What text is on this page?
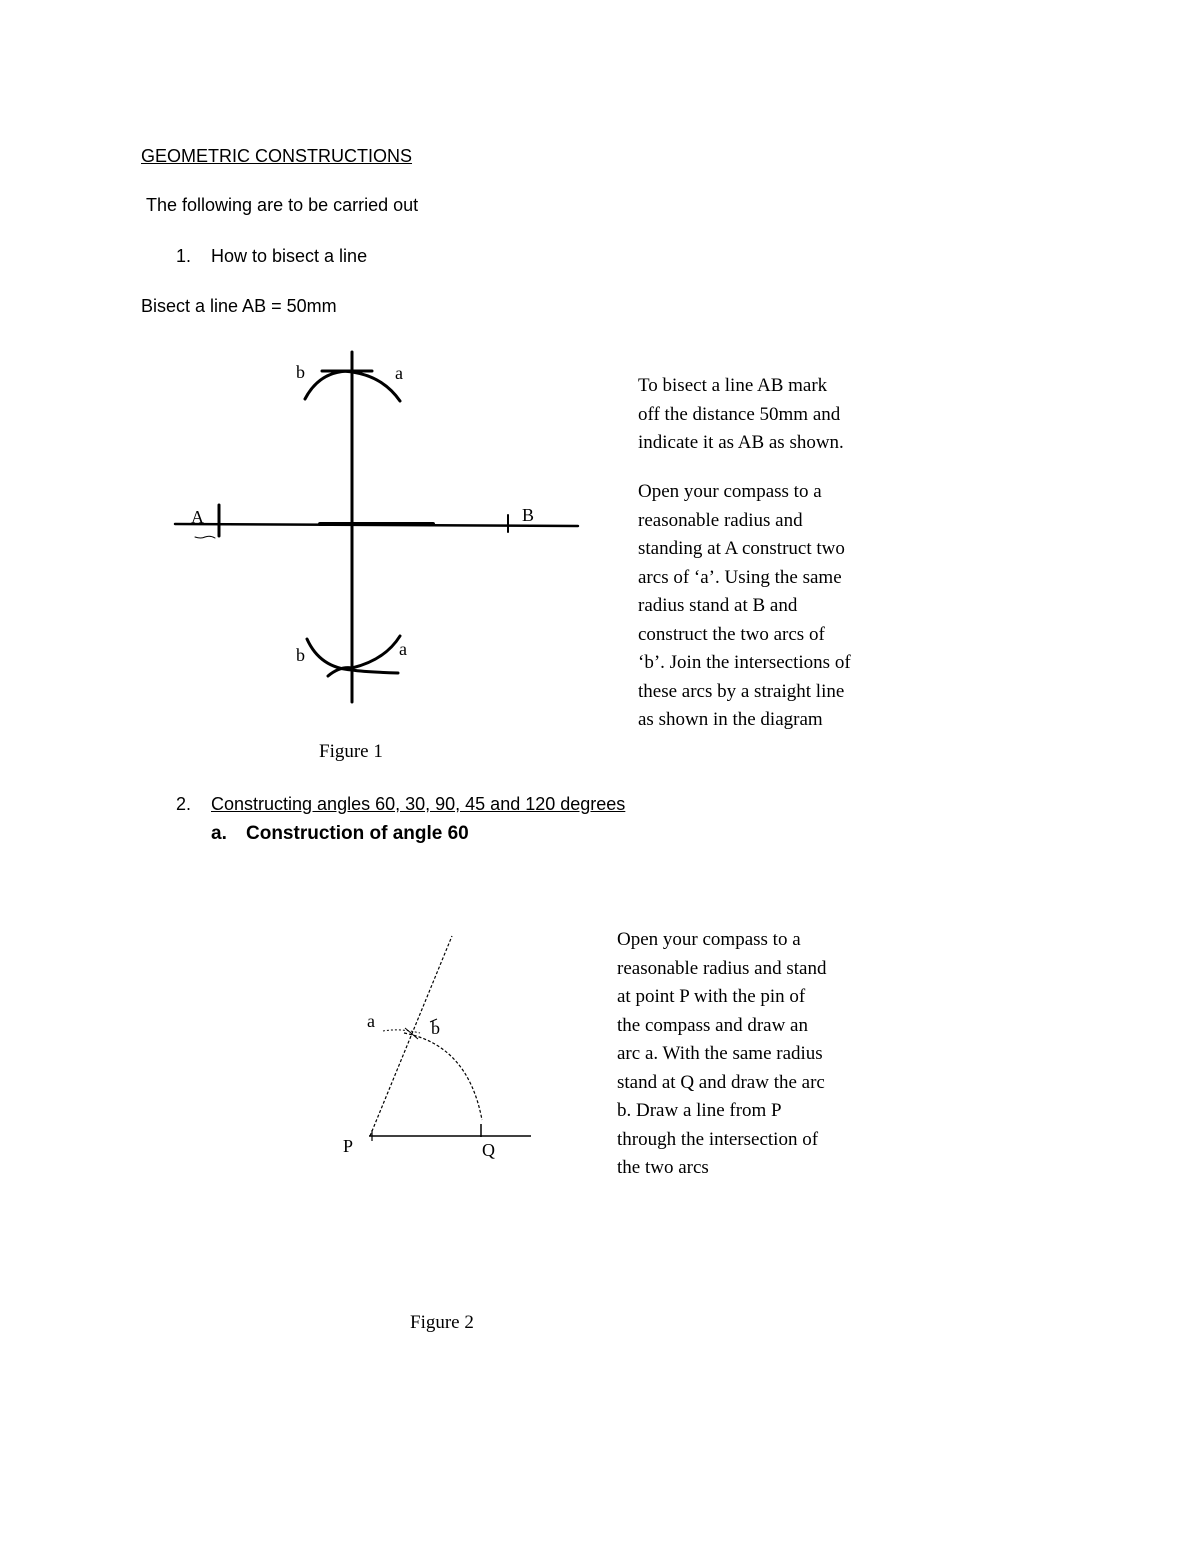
GEOMETRIC CONSTRUCTIONS
The following are to be carried out
1. How to bisect a line
Bisect a line AB = 50mm
A	B
b	a
b	a
To bisect a line AB mark
off the distance 50mm and
indicate it as AB as shown.
Open your compass to a
reasonable radius and
standing at A construct two
arcs of ‘a’. Using the same
radius stand at B and
construct the two arcs of
‘b’. Join the intersections of
these arcs by a straight line
as shown in the diagram
Figure 1
2. Constructing angles 60, 30, 90, 45 and 120 degrees
a. Construction of angle 60
a	b
P	Q
Open your compass to a
reasonable radius and stand
at point P with the pin of
the compass and draw an
arc a. With the same radius
stand at Q and draw the arc
b. Draw a line from P
through the intersection of
the two arcs
Figure 2
